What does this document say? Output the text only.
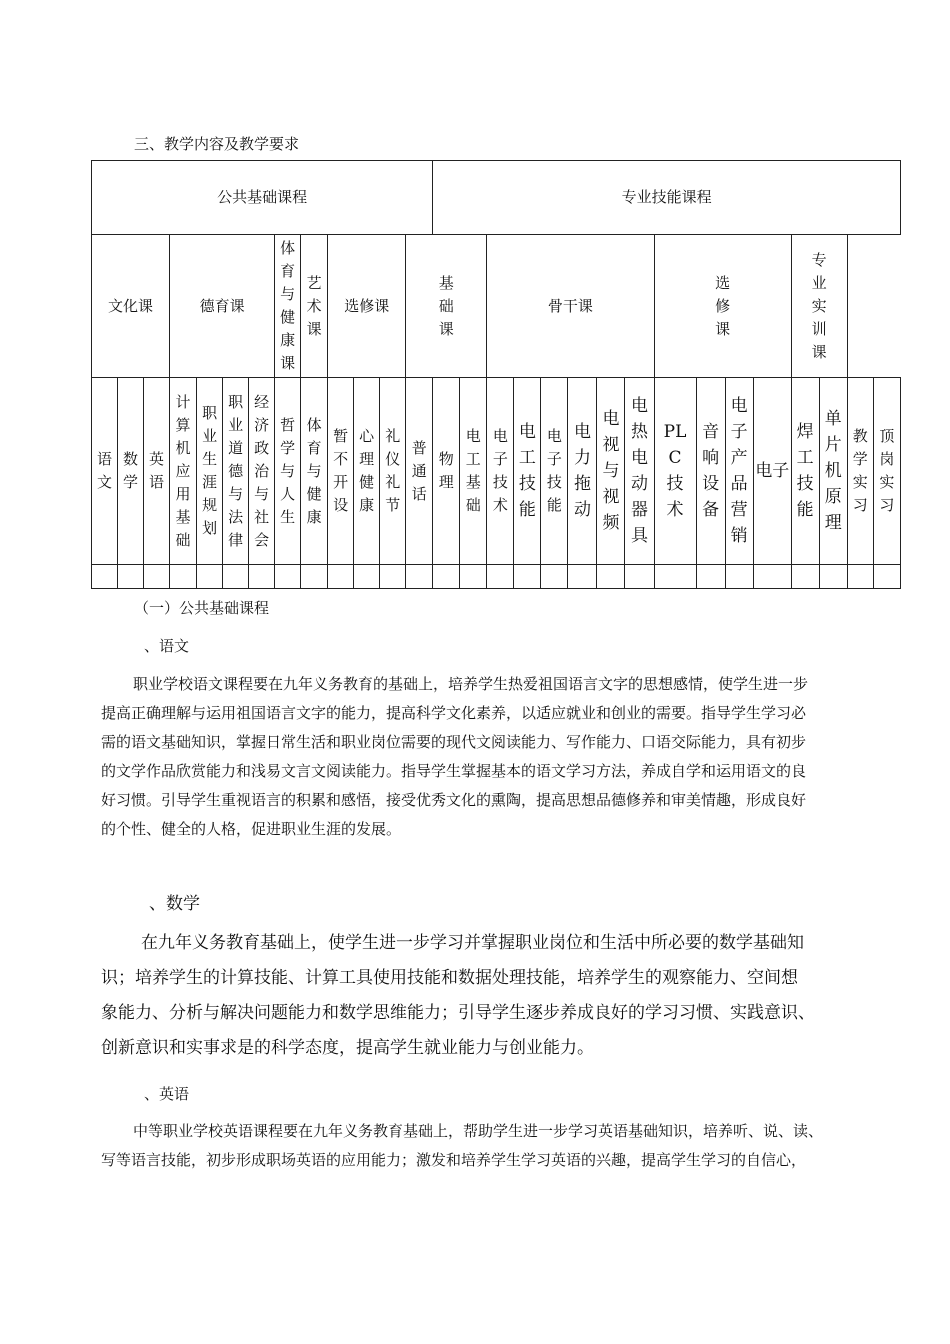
三、教学内容及教学要求
公共基础课程													专业技能课程															
文化课			德育课				体育与健康课	艺术课	选修课			基础课			骨干课						选修课				专业实训课			
语文	数学	英语	计算机应用基础	职业生涯规划	职业道德与法律	经济政治与社会	哲学与人生	体育与健康	暂不开设	心理健康	礼仪礼节	普通话	物理	电工基础	电子技术	电工技能	电子技能	电力拖动	电视与视频	电热电动器具	PLC技术	音响设备	电子产品营销	电子	焊工技能	单片机原理	教学实习	顶岗实习

（一）公共基础课程
、语文
职业学校语文课程要在九年义务教育的基础上，培养学生热爱祖国语言文字的思想感情，使学生进一步
提高正确理解与运用祖国语言文字的能力，提高科学文化素养，以适应就业和创业的需要。指导学生学习必
需的语文基础知识，掌握日常生活和职业岗位需要的现代文阅读能力、写作能力、口语交际能力，具有初步
的文学作品欣赏能力和浅易文言文阅读能力。指导学生掌握基本的语文学习方法，养成自学和运用语文的良
好习惯。引导学生重视语言的积累和感悟，接受优秀文化的熏陶，提高思想品德修养和审美情趣，形成良好
的个性、健全的人格，促进职业生涯的发展。
、数学
在九年义务教育基础上，使学生进一步学习并掌握职业岗位和生活中所必要的数学基础知
识；培养学生的计算技能、计算工具使用技能和数据处理技能，培养学生的观察能力、空间想
象能力、分析与解决问题能力和数学思维能力；引导学生逐步养成良好的学习习惯、实践意识、
创新意识和实事求是的科学态度，提高学生就业能力与创业能力。
、英语
中等职业学校英语课程要在九年义务教育基础上，帮助学生进一步学习英语基础知识，培养听、说、读、
写等语言技能，初步形成职场英语的应用能力；激发和培养学生学习英语的兴趣，提高学生学习的自信心，
